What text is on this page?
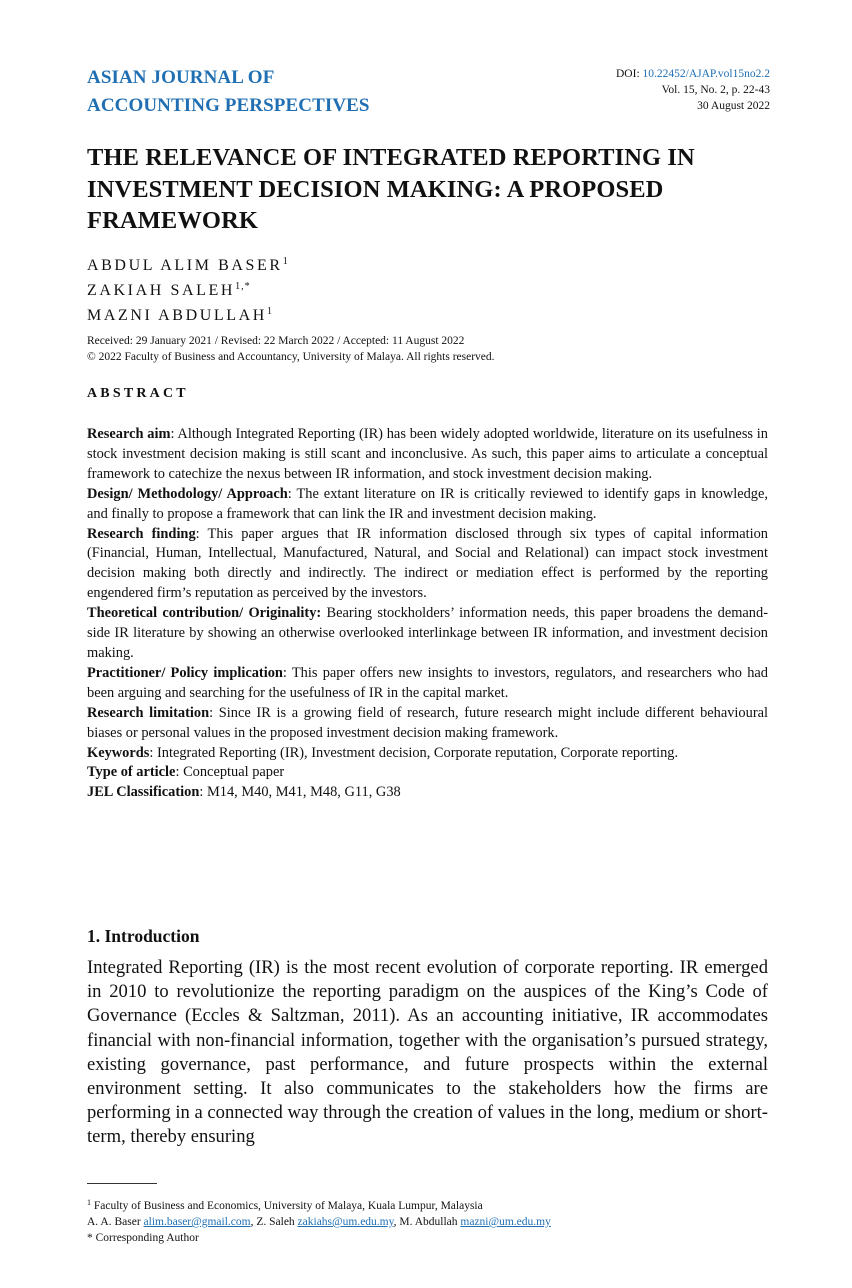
ASIAN JOURNAL OF
ACCOUNTING PERSPECTIVES
DOI: 10.22452/AJAP.vol15no2.2
Vol. 15, No. 2, p. 22-43
30 August 2022
THE RELEVANCE OF INTEGRATED REPORTING IN INVESTMENT DECISION MAKING: A PROPOSED FRAMEWORK
ABDUL ALIM BASER$^1$
ZAKIAH $SALEH^{1,*}$
MAZNI ABDULLAH$^1$
Received: 29 January 2021 / Revised: 22 March 2022 / Accepted: 11 August 2022
© 2022 Faculty of Business and Accountancy, University of Malaya. All rights reserved.
ABSTRACT

Research aim: Although Integrated Reporting (IR) has been widely adopted worldwide, literature on its usefulness in stock investment decision making is still scant and inconclusive. As such, this paper aims to articulate a conceptual framework to catechize the nexus between IR information, and stock investment decision making.

Design/ Methodology/ Approach: The extant literature on IR is critically reviewed to identify gaps in knowledge, and finally to propose a framework that can link the IR and investment decision making.

Research finding: This paper argues that IR information disclosed through six types of capital information (Financial, Human, Intellectual, Manufactured, Natural, and Social and Relational) can impact stock investment decision making both directly and indirectly. The indirect or mediation effect is performed by the reporting engendered firm’s reputation as perceived by the investors.

Theoretical contribution/ Originality: Bearing stockholders’ information needs, this paper broadens the demand-side IR literature by showing an otherwise overlooked interlinkage between IR information, and investment decision making.

Practitioner/ Policy implication: This paper offers new insights to investors, regulators, and researchers who had been arguing and searching for the usefulness of IR in the capital market.

Research limitation: Since IR is a growing field of research, future research might include different behavioural biases or personal values in the proposed investment decision making framework.

Keywords: Integrated Reporting (IR), Investment decision, Corporate reputation, Corporate reporting.

Type of article: Conceptual paper

JEL Classification: M14, M40, M41, M48, G11, G38

1. Introduction

Integrated Reporting (IR) is the most recent evolution of corporate reporting. IR emerged in 2010 to revolutionize the reporting paradigm on the auspices of the King’s Code of Governance (Eccles & Saltzman, 2011). As an accounting initiative, IR accommodates financial with non-financial information, together with the organisation’s pursued strategy, existing governance, past performance, and future prospects within the external environment setting. It also communicates to the stakeholders how the firms are performing in a connected way through the creation of values in the long, medium or short-term, thereby ensuring

$^1$ Faculty of Business and Economics, University of Malaya, Kuala Lumpur, Malaysia
A. A. Baser alim.baser@gmail.com, Z. Saleh zakiahs@um.edu.my, M. Abdullah mazni@um.edu.my
* Corresponding Author
